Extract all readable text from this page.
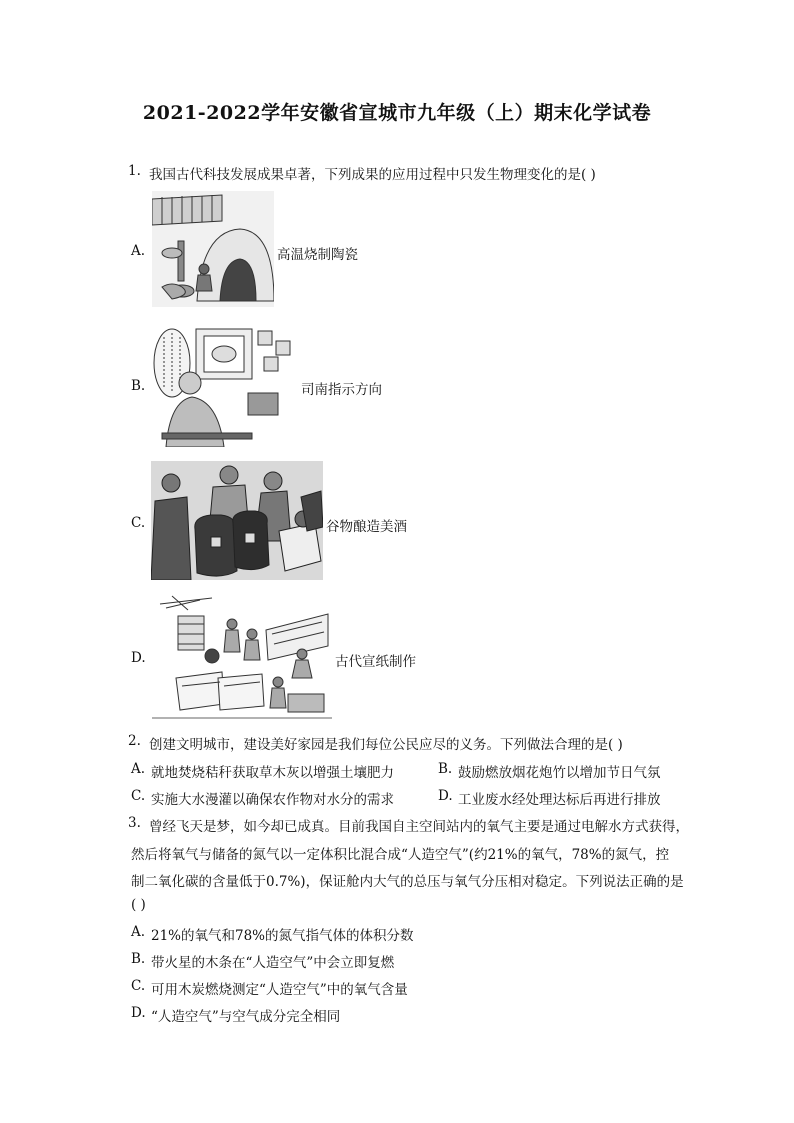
2021-2022学年安徽省宣城市九年级（上）期末化学试卷
1. 我国古代科技发展成果卓著，下列成果的应用过程中只发生物理变化的是( )
A.	高温烧制陶瓷
B.	司南指示方向
C.	谷物酿造美酒
D.	古代宣纸制作
2. 创建文明城市，建设美好家园是我们每位公民应尽的义务。下列做法合理的是( )
A. 就地焚烧秸秆获取草木灰以增强土壤肥力	B. 鼓励燃放烟花炮竹以增加节日气氛
C. 实施大水漫灌以确保农作物对水分的需求	D. 工业废水经处理达标后再进行排放
3. 曾经飞天是梦，如今却已成真。目前我国自主空间站内的氧气主要是通过电解水方式获得，
然后将氧气与储备的氮气以一定体积比混合成“人造空气”(约21%的氧气，78%的氮气，控
制二氧化碳的含量低于0.7%)，保证舱内大气的总压与氧气分压相对稳定。下列说法正确的是
( )
A. 21%的氧气和78%的氮气指气体的体积分数
B. 带火星的木条在“人造空气”中会立即复燃
C. 可用木炭燃烧测定“人造空气”中的氧气含量
D. “人造空气”与空气成分完全相同
